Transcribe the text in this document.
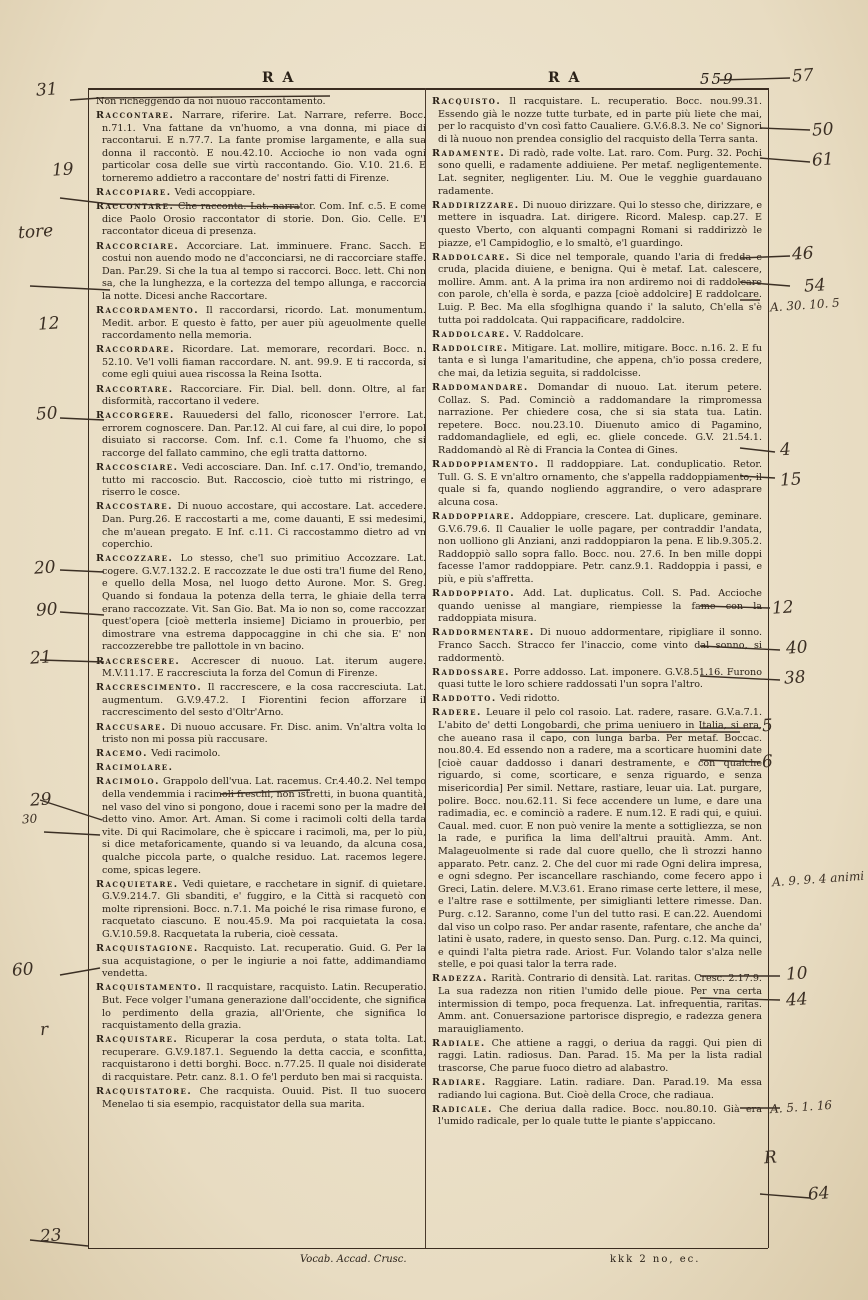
R A	R A	559

Non richeggendo da noi nuouo raccontamento.

Raccontare. Narrare, riferire. Lat. Narrare, referre. Bocc. n.71.1. Vna fattane da vn'huomo, a vna donna, mi piace di raccontarui. E n.77.7. La fante promise largamente, e alla sua donna il raccontò. E nou.42.10. Accioche io non vada ogni particolar cosa delle sue virtù raccontando. Gio. V.10. 21.6. E torneremo addietro a raccontare de' nostri fatti di Firenze.

Raccopiare. Vedi accoppiare.

Raccontare. Che racconta. Lat. narrator. Com. Inf. c.5. E come dice Paolo Orosio raccontator di storie. Don. Gio. Celle. E'l raccontator diceua di presenza.

Raccorciare. Accorciare. Lat. imminuere. Franc. Sacch. E costui non auendo modo ne d'acconciarsi, ne di raccorciare staffe. Dan. Par.29. Si che la tua al tempo si raccorci. Bocc. lett. Chi non sa, che la lunghezza, e la cortezza del tempo allunga, e raccorcia la notte. Dicesi anche Raccortare.

Raccordamento. Il raccordarsi, ricordo. Lat. monumentum. Medit. arbor. E questo è fatto, per auer più ageuolmente quelle raccordamento nella memoria.

Raccordare. Ricordare. Lat. memorare, recordari. Bocc. n. 52.10. Ve'l volli fiaman raccordare. N. ant. 99.9. E ti raccorda, si come egli quiui auea riscossa la Reina Isotta.

Raccortare. Raccorciare. Fir. Dial. bell. donn. Oltre, al far disformità, raccortano il vedere.

Raccorgere. Rauuedersi del fallo, riconoscer l'errore. Lat. errorem cognoscere. Dan. Par.12. Al cui fare, al cui dire, lo popol disuiato si raccorse. Com. Inf. c.1. Come fa l'huomo, che si raccorge del fallato cammino, che egli tratta dattorno.

Raccosciare. Vedi accosciare. Dan. Inf. c.17. Ond'io, tremando, tutto mi raccoscio. But. Raccoscio, cioè tutto mi ristringo, e riserro le cosce.

Raccostare. Di nuouo accostare, qui accostare. Lat. accedere. Dan. Purg.26. E raccostarti a me, come dauanti, E ssi medesimi, che m'auean pregato. E Inf. c.11. Ci raccostammo dietro ad vn coperchio.

Raccozzare. Lo stesso, che'l suo primitiuo Accozzare. Lat. cogere. G.V.7.132.2. E raccozzate le due osti tra'l fiume del Reno, e quello della Mosa, nel luogo detto Aurone. Mor. S. Greg. Quando si fondaua la potenza della terra, le ghiaie della terra erano raccozzate. Vit. San Gio. Bat. Ma io non so, come raccozzar quest'opera [cioè metterla insieme] Diciamo in prouerbio, per dimostrare vna estrema dappocaggine in chi che sia. E' non raccozzerebbe tre pallottole in vn bacino.

Raccrescere. Accrescer di nuouo. Lat. iterum augere. M.V.11.17. E raccresciuta la forza del Comun di Firenze.

Raccrescimento. Il raccrescere, e la cosa raccresciuta. Lat. augmentum. G.V.9.47.2. I Fiorentini fecion afforzare il raccrescimento del sesto d'Oltr'Arno.

Raccusare. Di nuouo accusare. Fr. Disc. anim. Vn'altra volta lo tristo non mi possa più raccusare.

Racemo. Vedi racimolo.

Racimolare.

Racimolo. Grappolo dell'vua. Lat. racemus. Cr.4.40.2. Nel tempo della vendemmia i racimoli freschi, non istretti, in buona quantità, nel vaso del vino si pongono, doue i racemi sono per la madre del detto vino. Amor. Art. Aman. Si come i racimoli colti della tarda vite. Di qui Racimolare, che è spiccare i racimoli, ma, per lo più, si dice metaforicamente, quando si va leuando, da alcuna cosa, qualche piccola parte, o qualche residuo. Lat. racemos legere. come, spicas legere.

Racquietare. Vedi quietare, e racchetare in signif. di quietare. G.V.9.214.7. Gli sbanditi, e' fuggiro, e la Città si racquetò con molte riprensioni. Bocc. n.7.1. Ma poiché le risa rimase furono, e racquetato ciascuno. E nou.45.9. Ma poi racquietata la cosa. G.V.10.59.8. Racquetata la ruberia, cioè cessata.

Racquistagione. Racquisto. Lat. recuperatio. Guid. G. Per la sua acquistagione, o per le ingiurie a noi fatte, addimandiamo vendetta.

Racquistamento. Il racquistare, racquisto. Latin. Recuperatio. But. Fece volger l'umana generazione dall'occidente, che significa lo perdimento della grazia, all'Oriente, che significa lo racquistamento della grazia.

Racquistare. Ricuperar la cosa perduta, o stata tolta. Lat. recuperare. G.V.9.187.1. Seguendo la detta caccia, e sconfitta, racquistarono i detti borghi. Bocc. n.77.25. Il quale noi disiderate di racquistare. Petr. canz. 8.1. O fe'l perduto ben mai si racquista.

Racquistatore. Che racquista. Ouuid. Pist. Il tuo suocero Menelao ti sia esempio, racquistator della sua marita.

Racquisto. Il racquistare. L. recuperatio. Bocc. nou.99.31. Essendo già le nozze tutte turbate, ed in parte più liete che mai, per lo racquisto d'vn così fatto Caualiere. G.V.6.8.3. Ne co' Signori di là nuouo non prendea consiglio del racquisto della Terra santa.

Radamente. Di radò, rade volte. Lat. raro. Com. Purg. 32. Pochi sono quelli, e radamente addiuiene. Per metaf. negligentemente. Lat. segniter, negligenter. Liu. M. Oue le vegghie guardauano radamente.

Raddirizzare. Di nuouo dirizzare. Qui lo stesso che, dirizzare, e mettere in isquadra. Lat. dirigere. Ricord. Malesp. cap.27. E questo Vberto, con alquanti compagni Romani si raddirizzò le piazze, e'l Campidoglio, e lo smaltò, e'l guardingo.

Raddolcare. Si dice nel temporale, quando l'aria di fredda e cruda, placida diuiene, e benigna. Qui è metaf. Lat. calescere, mollire. Amm. ant. A la prima ira non ardiremo noi di raddolcare con parole, ch'ella è sorda, e pazza [cioè addolcire] E raddolcare. Luig. P. Bec. Ma ella sfoglhigna quando i' la saluto, Ch'ella s'è tutta poi raddolcata. Qui rappacificare, raddolcire.

Raddolcare. V. Raddolcare.

Raddolcire. Mitigare. Lat. mollire, mitigare. Bocc. n.16. 2. E fu tanta e sì lunga l'amaritudine, che appena, ch'io possa credere, che mai, da letizia seguita, si raddolcisse.

Raddomandare. Domandar di nuouo. Lat. iterum petere. Collaz. S. Pad. Cominciò a raddomandare la rimpromessa narrazione. Per chiedere cosa, che si sia stata tua. Latin. repetere. Bocc. nou.23.10. Diuenuto amico di Pagamino, raddomandagliele, ed egli, ec. gliele concede. G.V. 21.54.1. Raddomandò al Rè di Francia la Contea di Gines.

Raddoppiamento. Il raddoppiare. Lat. conduplicatio. Retor. Tull. G. S. E vn'altro ornamento, che s'appella raddoppiamento, il quale si fa, quando nogliendo aggrandire, o vero adasprare alcuna cosa.

Raddoppiare. Addoppiare, crescere. Lat. duplicare, geminare. G.V.6.79.6. Il Caualier le uolle pagare, per contraddir l'andata, non uolliono gli Anziani, anzi raddoppiaron la pena. E lib.9.305.2. Raddoppiò sallo sopra fallo. Bocc. nou. 27.6. In ben mille doppi facesse l'amor raddoppiare. Petr. canz.9.1. Raddoppia i passi, e più, e più s'affretta.

Raddoppiato. Add. Lat. duplicatus. Coll. S. Pad. Accioche quando uenisse al mangiare, riempiesse la fame con la raddoppiata misura.

Raddormentare. Di nuouo addormentare, ripigliare il sonno. Franco Sacch. Stracco fer l'inaccio, come vinto dal sonno, si raddormentò.

Raddossare. Porre addosso. Lat. imponere. G.V.8.51.16. Furono quasi tutte le loro schiere raddossati l'un sopra l'altro.

Raddotto. Vedi ridotto.

Radere. Leuare il pelo col rasoio. Lat. radere, rasare. G.V.a.7.1. L'abito de' detti Longobardi, che prima ueniuero in Italia, si era, che aueano rasa il capo, con lunga barba. Per metaf. Boccac. nou.80.4. Ed essendo non a radere, ma a scorticare huomini date [cioè cauar daddosso i danari destramente, e con qualche riguardo, si come, scorticare, e senza riguardo, e senza misericordia] Per simil. Nettare, rastiare, leuar uia. Lat. purgare, polire. Bocc. nou.62.11. Si fece accendere un lume, e dare una radimadia, ec. e cominciò a radere. E num.12. E radi qui, e quiui. Caual. med. cuor. E non può venire la mente a sottigliezza, se non la rade, e purifica la lima dell'altrui prauità. Amm. Ant. Malageuolmente si rade dal cuore quello, che lì strozzi hanno apparato. Petr. canz. 2. Che del cuor mi rade Ogni delira impresa, e ogni sdegno. Per iscancellare raschiando, come fecero appo i Greci, Latin. delere. M.V.3.61. Erano rimase certe lettere, il mese, e l'altre rase e sottilmente, per simiglianti lettere rimesse. Dan. Purg. c.12. Saranno, come l'un del tutto rasi. E can.22. Auendomi dal viso un colpo raso. Per andar rasente, rafentare, che anche da' latini è usato, radere, in questo senso. Dan. Purg. c.12. Ma quinci, e quindi l'alta pietra rade. Ariost. Fur. Volando talor s'alza nelle stelle, e poi quasi talor la terra rade.

Radezza. Rarità. Contrario di densità. Lat. raritas. Cresc. 2.17.9. La sua radezza non ritien l'umido delle pioue. Per vna certa intermission di tempo, poca frequenza. Lat. infrequentia, raritas. Amm. ant. Conuersazione partorisce dispregio, e radezza genera marauigliamento.

Radiale. Che attiene a raggi, o deriua da raggi. Qui pien di raggi. Latin. radiosus. Dan. Parad. 15. Ma per la lista radial trascorse, Che parue fuoco dietro ad alabastro.

Radiare. Raggiare. Latin. radiare. Dan. Parad.19. Ma essa radiando lui cagiona. But. Cioè della Croce, che radiaua.

Radicale. Che deriua dalla radice. Bocc. nou.80.10. Già era l'umido radicale, per lo quale tutte le piante s'appiccano.

Vocab. Accad. Crusc.	kkk 2 no, ec.
31
19
tore
12
50
20
90
21
29
30
60
r
23
57
50
61
46
54
A. 30. 10. 5
4
15
12
40
38
5
6
A. 9. 9. 4 animi
10
44
A. 5. 1. 16
R
64
